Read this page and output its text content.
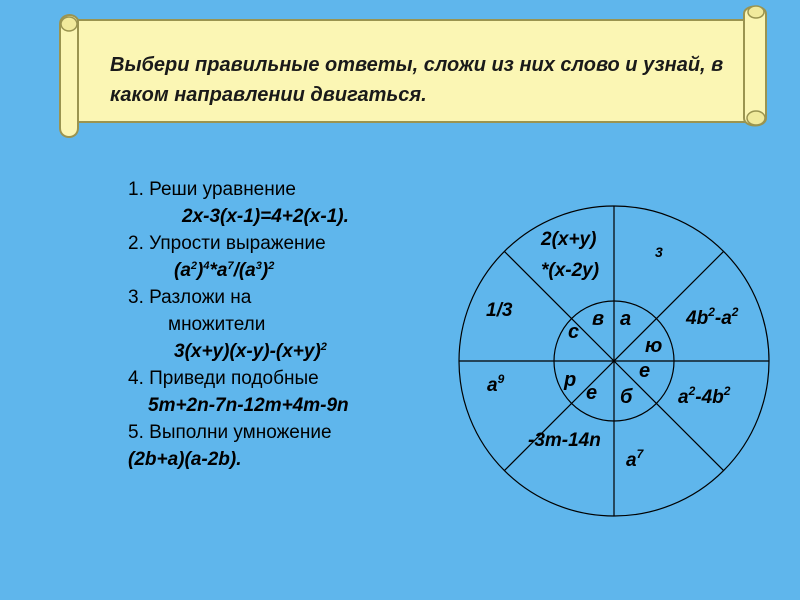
Выбери правильные ответы, сложи из них слово и узнай, в каком направлении двигаться.
1. Реши уравнение
2x-3(x-1)=4+2(x-1).
2. Упрости выражение
$(a^2)^4*a^7/(a^3)^2$
3. Разложи на
множители
$3(x+y)(x-y)-(x+y)^2$
4. Приведи подобные
5m+2n-7n-12m+4m-9n
5. Выполни умножение
(2b+a)(a-2b).
2(x+y)
*(x-2y)
3
$4b^2-a^2$
$a^2-4b^2$
$a^7$
-3m-14n
$a^9$
1/3	в а
ю
е
б
е
р
с
